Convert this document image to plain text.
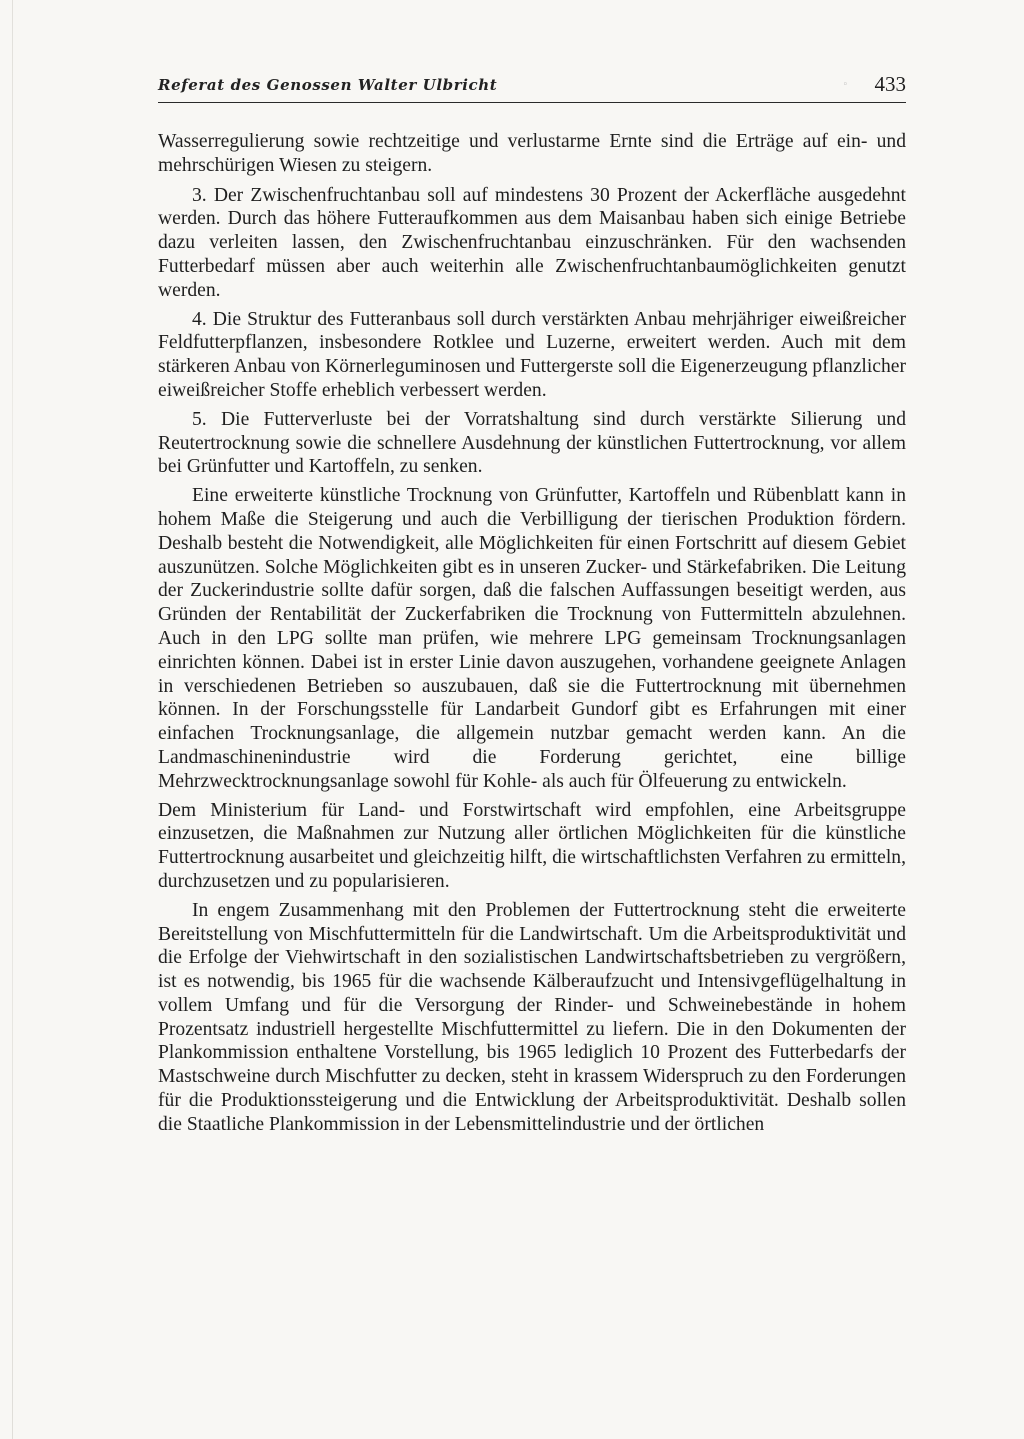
Referat des Genossen Walter Ulbricht	◦ 433

Wasserregulierung sowie rechtzeitige und verlustarme Ernte sind die Erträge auf ein- und mehrschürigen Wiesen zu steigern.

3. Der Zwischenfruchtanbau soll auf mindestens 30 Prozent der Ackerfläche ausgedehnt werden. Durch das höhere Futteraufkommen aus dem Maisanbau haben sich einige Betriebe dazu verleiten lassen, den Zwischenfruchtanbau einzuschränken. Für den wachsenden Futterbedarf müssen aber auch weiterhin alle Zwischenfruchtanbaumöglichkeiten genutzt werden.

4. Die Struktur des Futteranbaus soll durch verstärkten Anbau mehrjähriger eiweißreicher Feldfutterpflanzen, insbesondere Rotklee und Luzerne, erweitert werden. Auch mit dem stärkeren Anbau von Körnerleguminosen und Futtergerste soll die Eigenerzeugung pflanzlicher eiweißreicher Stoffe erheblich verbessert werden.

5. Die Futterverluste bei der Vorratshaltung sind durch verstärkte Silierung und Reutertrocknung sowie die schnellere Ausdehnung der künstlichen Futtertrocknung, vor allem bei Grünfutter und Kartoffeln, zu senken.

Eine erweiterte künstliche Trocknung von Grünfutter, Kartoffeln und Rübenblatt kann in hohem Maße die Steigerung und auch die Verbilligung der tierischen Produktion fördern. Deshalb besteht die Notwendigkeit, alle Möglichkeiten für einen Fortschritt auf diesem Gebiet auszunützen. Solche Möglichkeiten gibt es in unseren Zucker- und Stärkefabriken. Die Leitung der Zuckerindustrie sollte dafür sorgen, daß die falschen Auffassungen beseitigt werden, aus Gründen der Rentabilität der Zuckerfabriken die Trocknung von Futtermitteln abzulehnen. Auch in den LPG sollte man prüfen, wie mehrere LPG gemeinsam Trocknungsanlagen einrichten können. Dabei ist in erster Linie davon auszugehen, vorhandene geeignete Anlagen in verschiedenen Betrieben so auszubauen, daß sie die Futtertrocknung mit übernehmen können. In der Forschungsstelle für Landarbeit Gundorf gibt es Erfahrungen mit einer einfachen Trocknungsanlage, die allgemein nutzbar gemacht werden kann. An die Landmaschinenindustrie wird die Forderung gerichtet, eine billige Mehrzwecktrocknungsanlage sowohl für Kohle- als auch für Ölfeuerung zu entwickeln.

Dem Ministerium für Land- und Forstwirtschaft wird empfohlen, eine Arbeitsgruppe einzusetzen, die Maßnahmen zur Nutzung aller örtlichen Möglichkeiten für die künstliche Futtertrocknung ausarbeitet und gleichzeitig hilft, die wirtschaftlichsten Verfahren zu ermitteln, durchzusetzen und zu popularisieren.

In engem Zusammenhang mit den Problemen der Futtertrocknung steht die erweiterte Bereitstellung von Mischfuttermitteln für die Landwirtschaft. Um die Arbeitsproduktivität und die Erfolge der Viehwirtschaft in den sozialistischen Landwirtschaftsbetrieben zu vergrößern, ist es notwendig, bis 1965 für die wachsende Kälberaufzucht und Intensivgeflügelhaltung in vollem Umfang und für die Versorgung der Rinder- und Schweinebestände in hohem Prozentsatz industriell hergestellte Mischfuttermittel zu liefern. Die in den Dokumenten der Plankommission enthaltene Vorstellung, bis 1965 lediglich 10 Prozent des Futterbedarfs der Mastschweine durch Mischfutter zu decken, steht in krassem Widerspruch zu den Forderungen für die Produktionssteigerung und die Entwicklung der Arbeitsproduktivität. Deshalb sollen die Staatliche Plankommission in der Lebensmittelindustrie und der örtlichen
